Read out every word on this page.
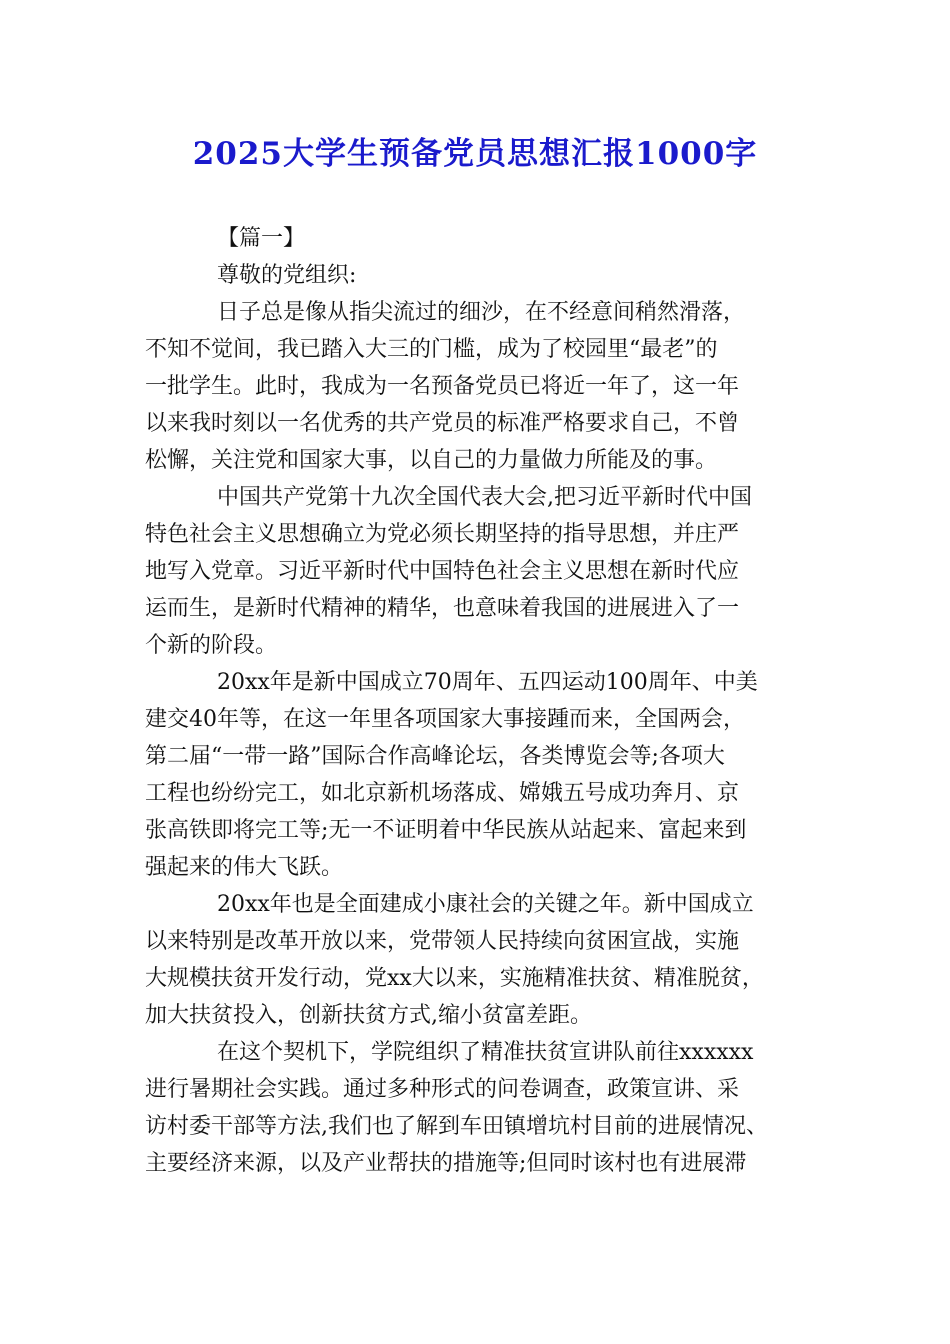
2025大学生预备党员思想汇报1000字

【篇一】

尊敬的党组织:

日子总是像从指尖流过的细沙，在不经意间稍然滑落，
不知不觉间，我已踏入大三的门槛，成为了校园里“最老”的
一批学生。此时，我成为一名预备党员已将近一年了，这一年
以来我时刻以一名优秀的共产党员的标准严格要求自己，不曾
松懈，关注党和国家大事，以自己的力量做力所能及的事。
中国共产党第十九次全国代表大会,把习近平新时代中国
特色社会主义思想确立为党必须长期坚持的指导思想，并庄严
地写入党章。习近平新时代中国特色社会主义思想在新时代应
运而生，是新时代精神的精华，也意味着我国的进展进入了一
个新的阶段。
20xx年是新中国成立70周年、五四运动100周年、中美
建交40年等，在这一年里各项国家大事接踵而来，全国两会，
第二届“一带一路”国际合作高峰论坛，各类博览会等;各项大
工程也纷纷完工，如北京新机场落成、嫦娥五号成功奔月、京
张高铁即将完工等;无一不证明着中华民族从站起来、富起来到
强起来的伟大飞跃。
20xx年也是全面建成小康社会的关键之年。新中国成立
以来特别是改革开放以来，党带领人民持续向贫困宣战，实施
大规模扶贫开发行动，党xx大以来，实施精准扶贫、精准脱贫，
加大扶贫投入，创新扶贫方式,缩小贫富差距。
在这个契机下，学院组织了精准扶贫宣讲队前往xxxxxx
进行暑期社会实践。通过多种形式的问卷调查，政策宣讲、采
访村委干部等方法,我们也了解到车田镇增坑村目前的进展情况、
主要经济来源，以及产业帮扶的措施等;但同时该村也有进展滞
